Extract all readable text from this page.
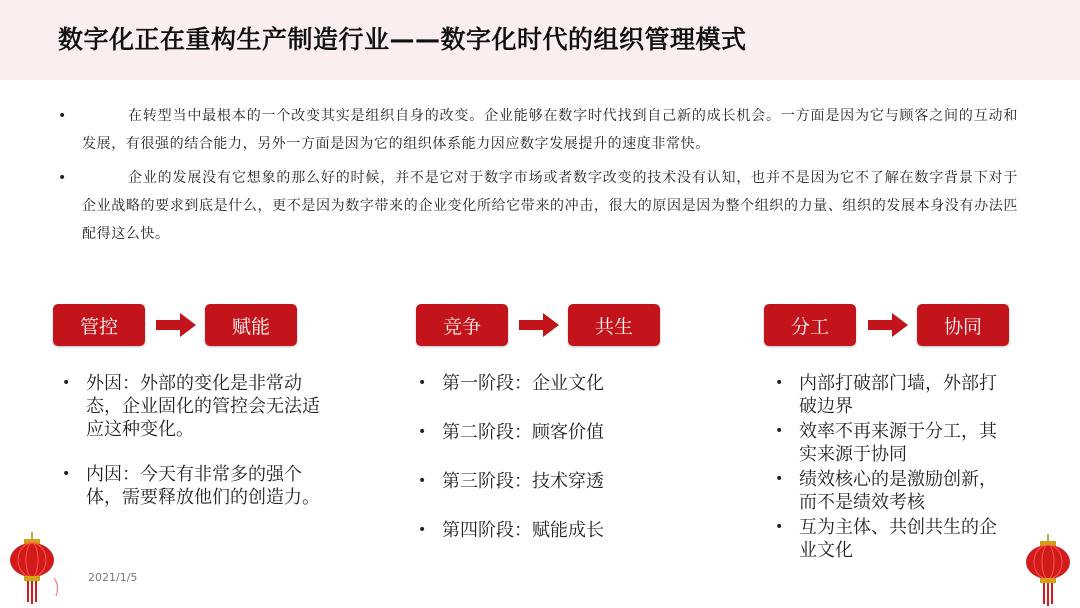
数字化正在重构生产制造行业——数字化时代的组织管理模式

•	在转型当中最根本的一个改变其实是组织自身的改变。企业能够在数字时代找到自己新的成长机会。一方面是因为它与顾客之间的互动和发展，有很强的结合能力，另外一方面是因为它的组织体系能力因应数字发展提升的速度非常快。

•	企业的发展没有它想象的那么好的时候，并不是它对于数字市场或者数字改变的技术没有认知，也并不是因为它不了解在数字背景下对于企业战略的要求到底是什么，更不是因为数字带来的企业变化所给它带来的冲击，很大的原因是因为整个组织的力量、组织的发展本身没有办法匹配得这么快。

管控	赋能	竞争	共生	分工	协同
• 外因：外部的变化是非常动态，企业固化的管控会无法适应这种变化。
• 内因：今天有非常多的强个体，需要释放他们的创造力。
• 第一阶段：企业文化
• 第二阶段：顾客价值
• 第三阶段：技术穿透
• 第四阶段：赋能成长
• 内部打破部门墙，外部打破边界
• 效率不再来源于分工，其实来源于协同
• 绩效核心的是激励创新，而不是绩效考核
• 互为主体、共创共生的企业文化
2021/1/5
